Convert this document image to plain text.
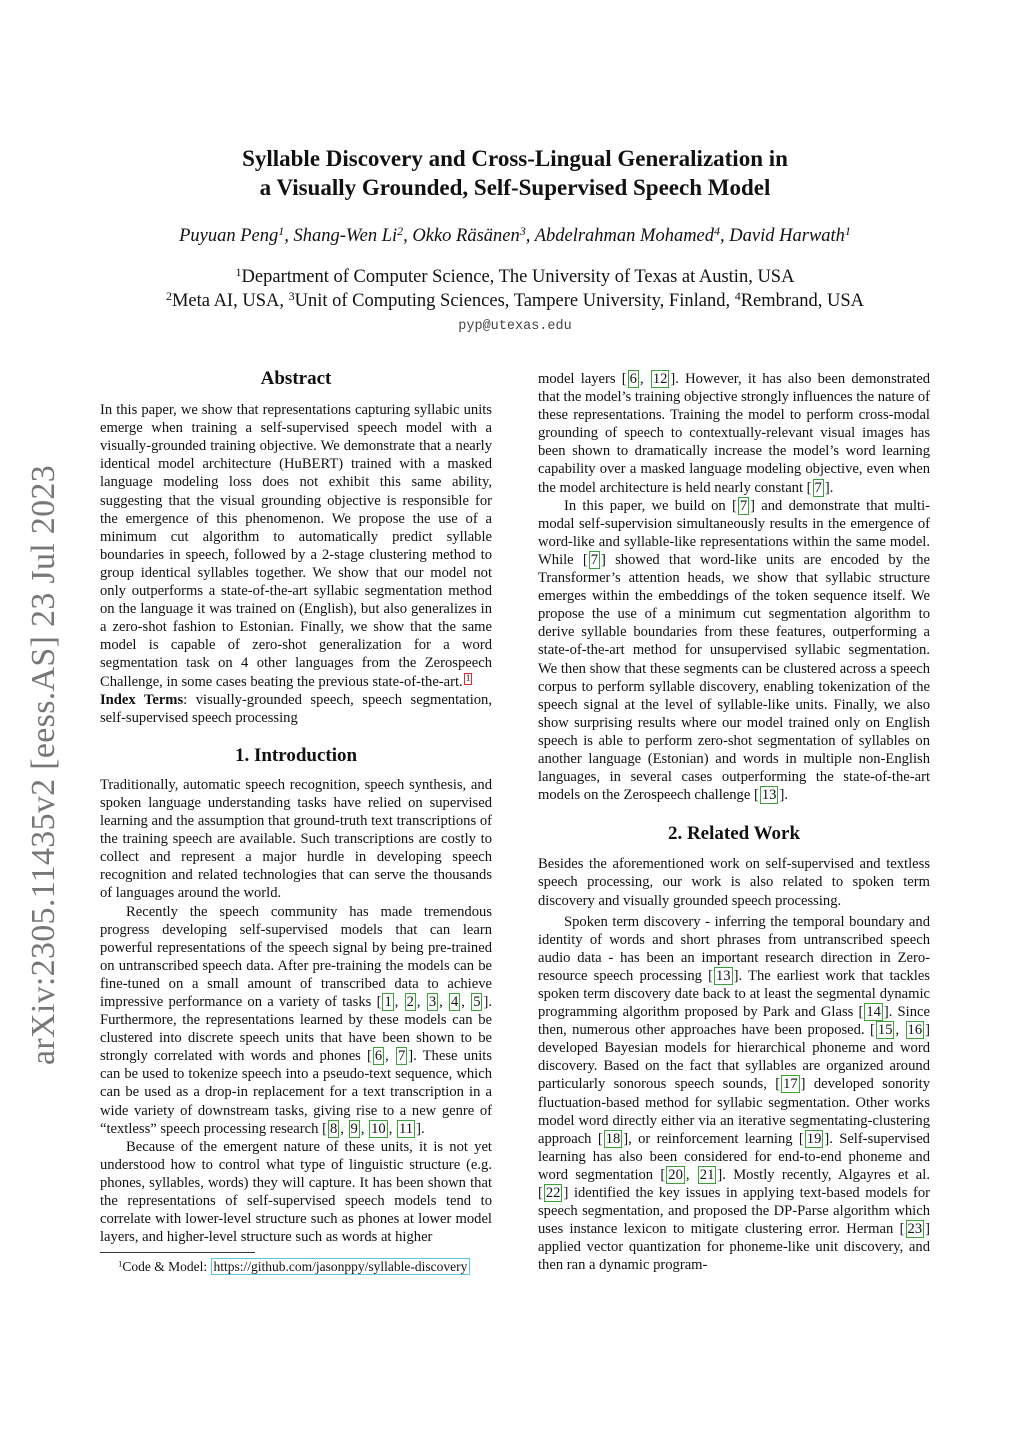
arXiv:2305.11435v2 [eess.AS] 23 Jul 2023
Syllable Discovery and Cross-Lingual Generalization in
a Visually Grounded, Self-Supervised Speech Model
Puyuan Peng$^1$, Shang-Wen Li$^2$, Okko Räsänen$^3$, Abdelrahman Mohamed$^4$, David Harwath$^1$
$^1$Department of Computer Science, The University of Texas at Austin, USA
$^2$Meta AI, USA, $^3$Unit of Computing Sciences, Tampere University, Finland, $^4$Rembrand, USA
pyp@utexas.edu
Abstract

In this paper, we show that representations capturing syllabic units emerge when training a self-supervised speech model with a visually-grounded training objective. We demonstrate that a nearly identical model architecture (HuBERT) trained with a masked language modeling loss does not exhibit this same ability, suggesting that the visual grounding objective is responsible for the emergence of this phenomenon. We propose the use of a minimum cut algorithm to automatically predict syllable boundaries in speech, followed by a 2-stage clustering method to group identical syllables together. We show that our model not only outperforms a state-of-the-art syllabic segmentation method on the language it was trained on (English), but also generalizes in a zero-shot fashion to Estonian. Finally, we show that the same model is capable of zero-shot generalization for a word segmentation task on 4 other languages from the Zerospeech Challenge, in some cases beating the previous state-of-the-art. $^1$

Index Terms: visually-grounded speech, speech segmentation, self-supervised speech processing

1. Introduction

Traditionally, automatic speech recognition, speech synthesis, and spoken language understanding tasks have relied on supervised learning and the assumption that ground-truth text transcriptions of the training speech are available. Such transcriptions are costly to collect and represent a major hurdle in developing speech recognition and related technologies that can serve the thousands of languages around the world.

Recently the speech community has made tremendous progress developing self-supervised models that can learn powerful representations of the speech signal by being pre-trained on untranscribed speech data. After pre-training the models can be fine-tuned on a small amount of transcribed data to achieve impressive performance on a variety of tasks [ 1 , 2 , 3 , 4 , 5 ]. Furthermore, the representations learned by these models can be clustered into discrete speech units that have been shown to be strongly correlated with words and phones [ 6 , 7 ]. These units can be used to tokenize speech into a pseudo-text sequence, which can be used as a drop-in replacement for a text transcription in a wide variety of downstream tasks, giving rise to a new genre of “textless” speech processing research [ 8 , 9 , 10 , 11 ].

Because of the emergent nature of these units, it is not yet understood how to control what type of linguistic structure (e.g. phones, syllables, words) they will capture. It has been shown that the representations of self-supervised speech models tend to correlate with lower-level structure such as phones at lower model layers, and higher-level structure such as words at higher

model layers [ 6 , 12 ]. However, it has also been demonstrated that the model’s training objective strongly influences the nature of these representations. Training the model to perform cross-modal grounding of speech to contextually-relevant visual images has been shown to dramatically increase the model’s word learning capability over a masked language modeling objective, even when the model architecture is held nearly constant [ 7 ].

In this paper, we build on [ 7 ] and demonstrate that multi-modal self-supervision simultaneously results in the emergence of word-like and syllable-like representations within the same model. While [ 7 ] showed that word-like units are encoded by the Transformer’s attention heads, we show that syllabic structure emerges within the embeddings of the token sequence itself. We propose the use of a minimum cut segmentation algorithm to derive syllable boundaries from these features, outperforming a state-of-the-art method for unsupervised syllabic segmentation. We then show that these segments can be clustered across a speech corpus to perform syllable discovery, enabling tokenization of the speech signal at the level of syllable-like units. Finally, we also show surprising results where our model trained only on English speech is able to perform zero-shot segmentation of syllables on another language (Estonian) and words in multiple non-English languages, in several cases outperforming the state-of-the-art models on the Zerospeech challenge [ 13 ].

2. Related Work

Besides the aforementioned work on self-supervised and textless speech processing, our work is also related to spoken term discovery and visually grounded speech processing.

Spoken term discovery - inferring the temporal boundary and identity of words and short phrases from untranscribed speech audio data - has been an important research direction in Zero-resource speech processing [ 13 ]. The earliest work that tackles spoken term discovery date back to at least the segmental dynamic programming algorithm proposed by Park and Glass [ 14 ]. Since then, numerous other approaches have been proposed. [ 15 , 16 ] developed Bayesian models for hierarchical phoneme and word discovery. Based on the fact that syllables are organized around particularly sonorous speech sounds, [ 17 ] developed sonority fluctuation-based method for syllabic segmentation. Other works model word directly either via an iterative segmentating-clustering approach [ 18 ], or reinforcement learning [ 19 ]. Self-supervised learning has also been considered for end-to-end phoneme and word segmentation [ 20 , 21 ]. Mostly recently, Algayres et al. [ 22 ] identified the key issues in applying text-based models for speech segmentation, and proposed the DP-Parse algorithm which uses instance lexicon to mitigate clustering error. Herman [ 23 ] applied vector quantization for phoneme-like unit discovery, and then ran a dynamic program-

$^1$Code & Model: https://github.com/jasonppy/syllable-discovery
